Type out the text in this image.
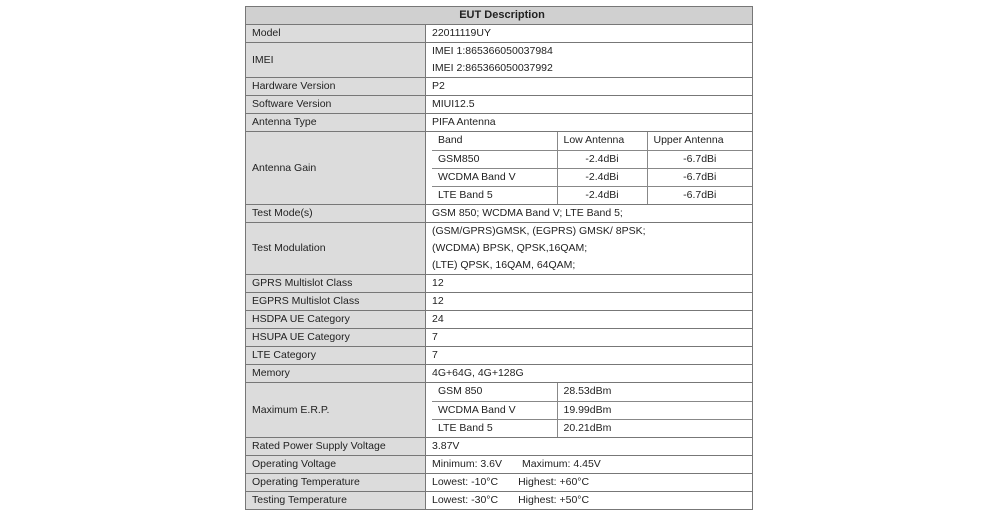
EUT Description
Model	22011119UY
IMEI	
IMEI 1:865366050037984
IMEI 2:865366050037992

Hardware Version	P2
Software Version	MIUI12.5
Antenna Type	PIFA Antenna
Antenna Gain	
Band	Low Antenna	Upper Antenna
GSM850	-2.4dBi	-6.7dBi
WCDMA Band V	-2.4dBi	-6.7dBi
LTE Band 5	-2.4dBi	-6.7dBi

Test Mode(s)	GSM 850; WCDMA Band V; LTE Band 5;
Test Modulation	
(GSM/GPRS)GMSK, (EGPRS) GMSK/ 8PSK;
(WCDMA) BPSK, QPSK,16QAM;
(LTE) QPSK, 16QAM, 64QAM;

GPRS Multislot Class	12
EGPRS Multislot Class	12
HSDPA UE Category	24
HSUPA UE Category	7
LTE Category	7
Memory	4G+64G, 4G+128G
Maximum E.R.P.	
GSM 850	28.53dBm
WCDMA Band V	19.99dBm
LTE Band 5	20.21dBm

Rated Power Supply Voltage	3.87V
Operating Voltage	Minimum: 3.6V Maximum: 4.45V
Operating Temperature	Lowest: -10°C Highest: +60°C
Testing Temperature	Lowest: -30°C Highest: +50°C
